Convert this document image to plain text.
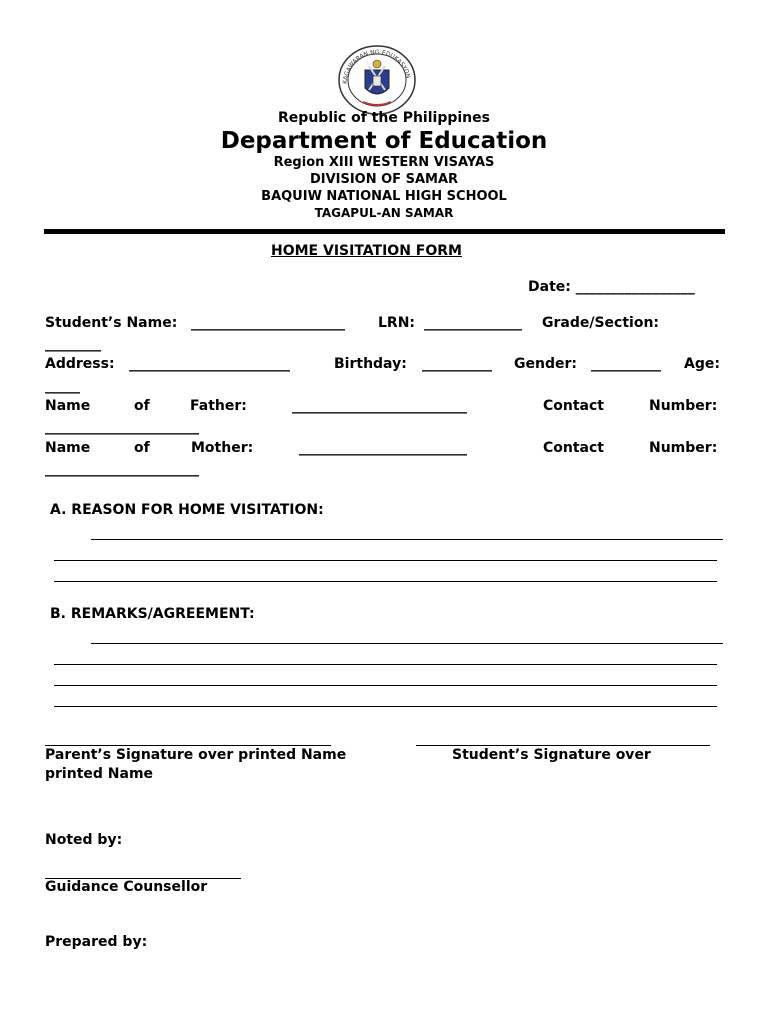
KAGAWARAN NG EDUKASYON
Republic of the Philippines
Department of Education
Region XIII WESTERN VISAYAS
DIVISION OF SAMAR
BAQUIW NATIONAL HIGH SCHOOL
TAGAPUL-AN SAMAR
HOME VISITATION FORM
Date: _________________
Student’s Name: ______________________ LRN: ______________ Grade/Section:
________
Address: _______________________	Birthday: __________ Gender: __________ Age:
_____
Name	of	Father:	_________________________	Contact	Number:
______________________
Name	of	Mother:	________________________	Contact	Number:
______________________
A. REASON FOR HOME VISITATION:
B. REMARKS/AGREEMENT:
Parent’s Signature over printed Name	Student’s Signature over
printed Name
Noted by:
Guidance Counsellor
Prepared by:
